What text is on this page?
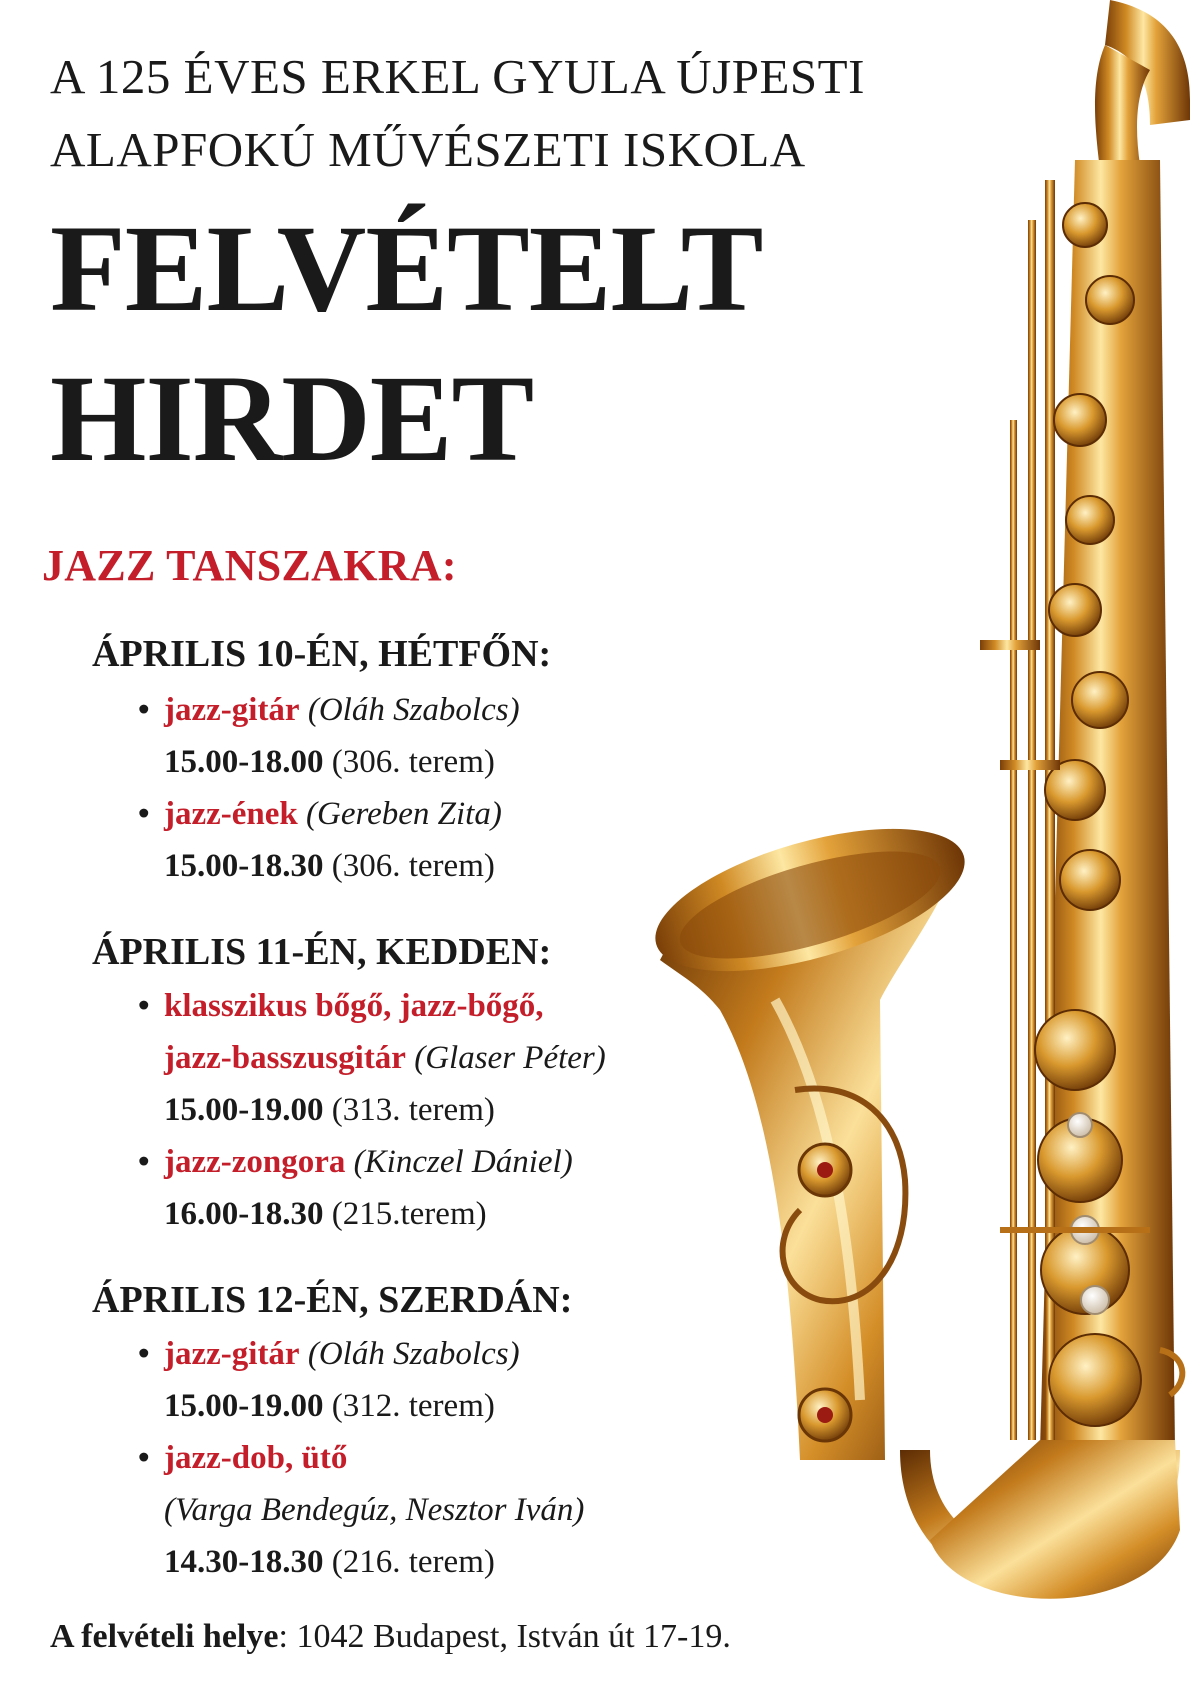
A 125 ÉVES ERKEL GYULA ÚJPESTI
ALAPFOKÚ MŰVÉSZETI ISKOLA
FELVÉTELT
HIRDET
JAZZ TANSZAKRA:
ÁPRILIS 10-ÉN, HÉTFŐN:
• jazz-gitár (Oláh Szabolcs)
15.00-18.00 (306. terem)
• jazz-ének (Gereben Zita)
15.00-18.30 (306. terem)
ÁPRILIS 11-ÉN, KEDDEN:
• klasszikus bőgő, jazz-bőgő,
jazz-basszusgitár (Glaser Péter)
15.00-19.00 (313. terem)
• jazz-zongora (Kinczel Dániel)
16.00-18.30 (215.terem)
ÁPRILIS 12-ÉN, SZERDÁN:
• jazz-gitár (Oláh Szabolcs)
15.00-19.00 (312. terem)
• jazz-dob, ütő
(Varga Bendegúz, Nesztor Iván)
14.30-18.30 (216. terem)
A felvételi helye: 1042 Budapest, István út 17-19.
